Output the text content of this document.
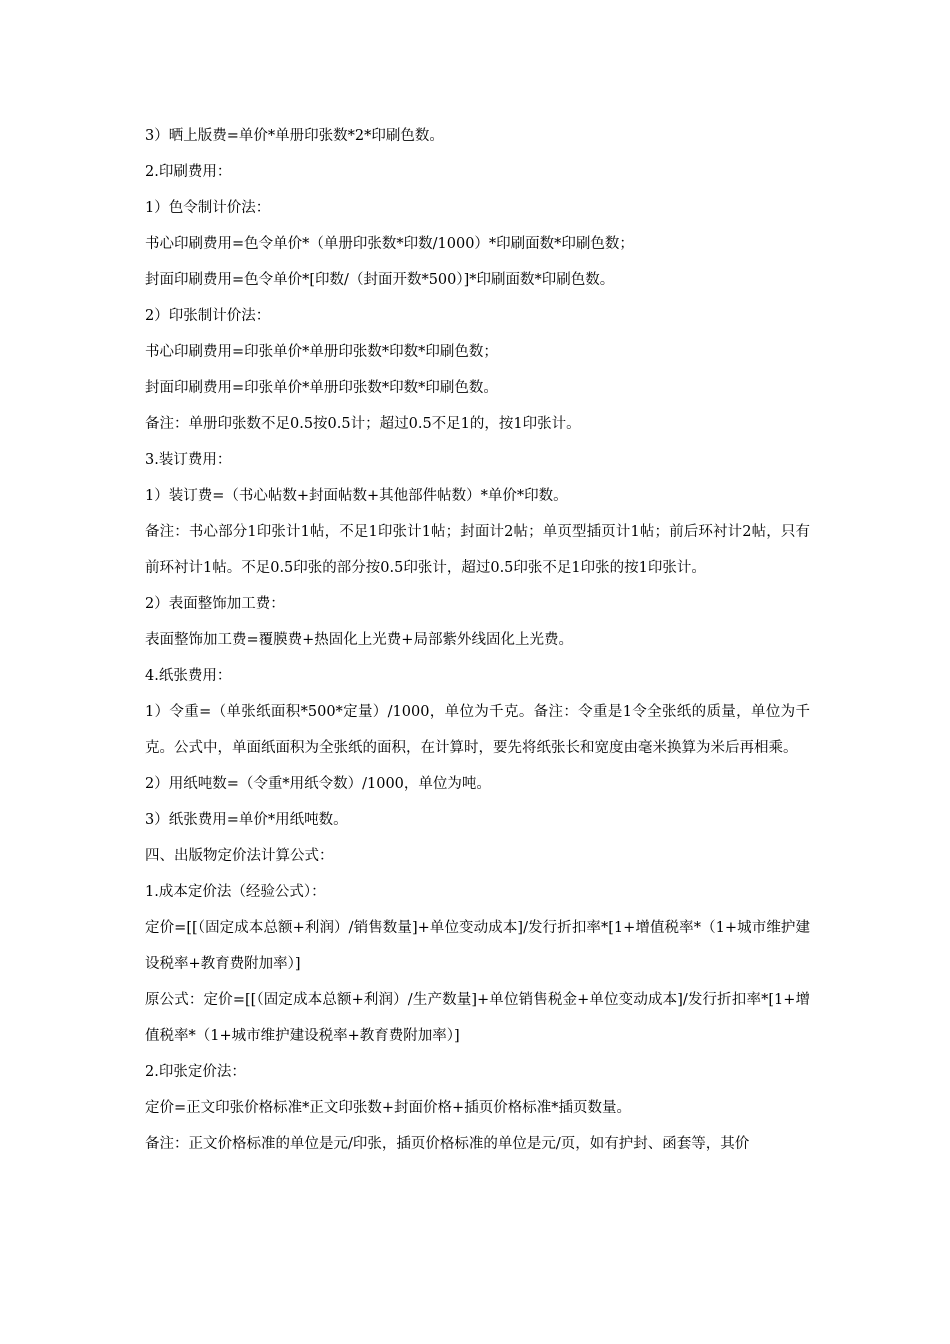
3）晒上版费=单价*单册印张数*2*印刷色数。

2.印刷费用：

1）色令制计价法：

书心印刷费用=色令单价*（单册印张数*印数/1000）*印刷面数*印刷色数；

封面印刷费用=色令单价*[印数/（封面开数*500）]*印刷面数*印刷色数。

2）印张制计价法：

书心印刷费用=印张单价*单册印张数*印数*印刷色数；

封面印刷费用=印张单价*单册印张数*印数*印刷色数。

备注：单册印张数不足0.5按0.5计；超过0.5不足1的，按1印张计。

3.装订费用：

1）装订费=（书心帖数+封面帖数+其他部件帖数）*单价*印数。

备注：书心部分1印张计1帖，不足1印张计1帖；封面计2帖；单页型插页计1帖；前后环衬计2帖，只有前环衬计1帖。不足0.5印张的部分按0.5印张计，超过0.5印张不足1印张的按1印张计。

2）表面整饰加工费：

表面整饰加工费=覆膜费+热固化上光费+局部紫外线固化上光费。

4.纸张费用：

1）令重=（单张纸面积*500*定量）/1000，单位为千克。备注：令重是1令全张纸的质量，单位为千克。公式中，单面纸面积为全张纸的面积，在计算时，要先将纸张长和宽度由毫米换算为米后再相乘。

2）用纸吨数=（令重*用纸令数）/1000，单位为吨。

3）纸张费用=单价*用纸吨数。

四、出版物定价法计算公式：

1.成本定价法（经验公式）：

定价=[[（固定成本总额+利润）/销售数量]+单位变动成本]/发行折扣率*[1+增值税率*（1+城市维护建设税率+教育费附加率）]

原公式：定价=[[（固定成本总额+利润）/生产数量]+单位销售税金+单位变动成本]/发行折扣率*[1+增值税率*（1+城市维护建设税率+教育费附加率）]

2.印张定价法：

定价=正文印张价格标准*正文印张数+封面价格+插页价格标准*插页数量。

备注：正文价格标准的单位是元/印张，插页价格标准的单位是元/页，如有护封、函套等，其价
